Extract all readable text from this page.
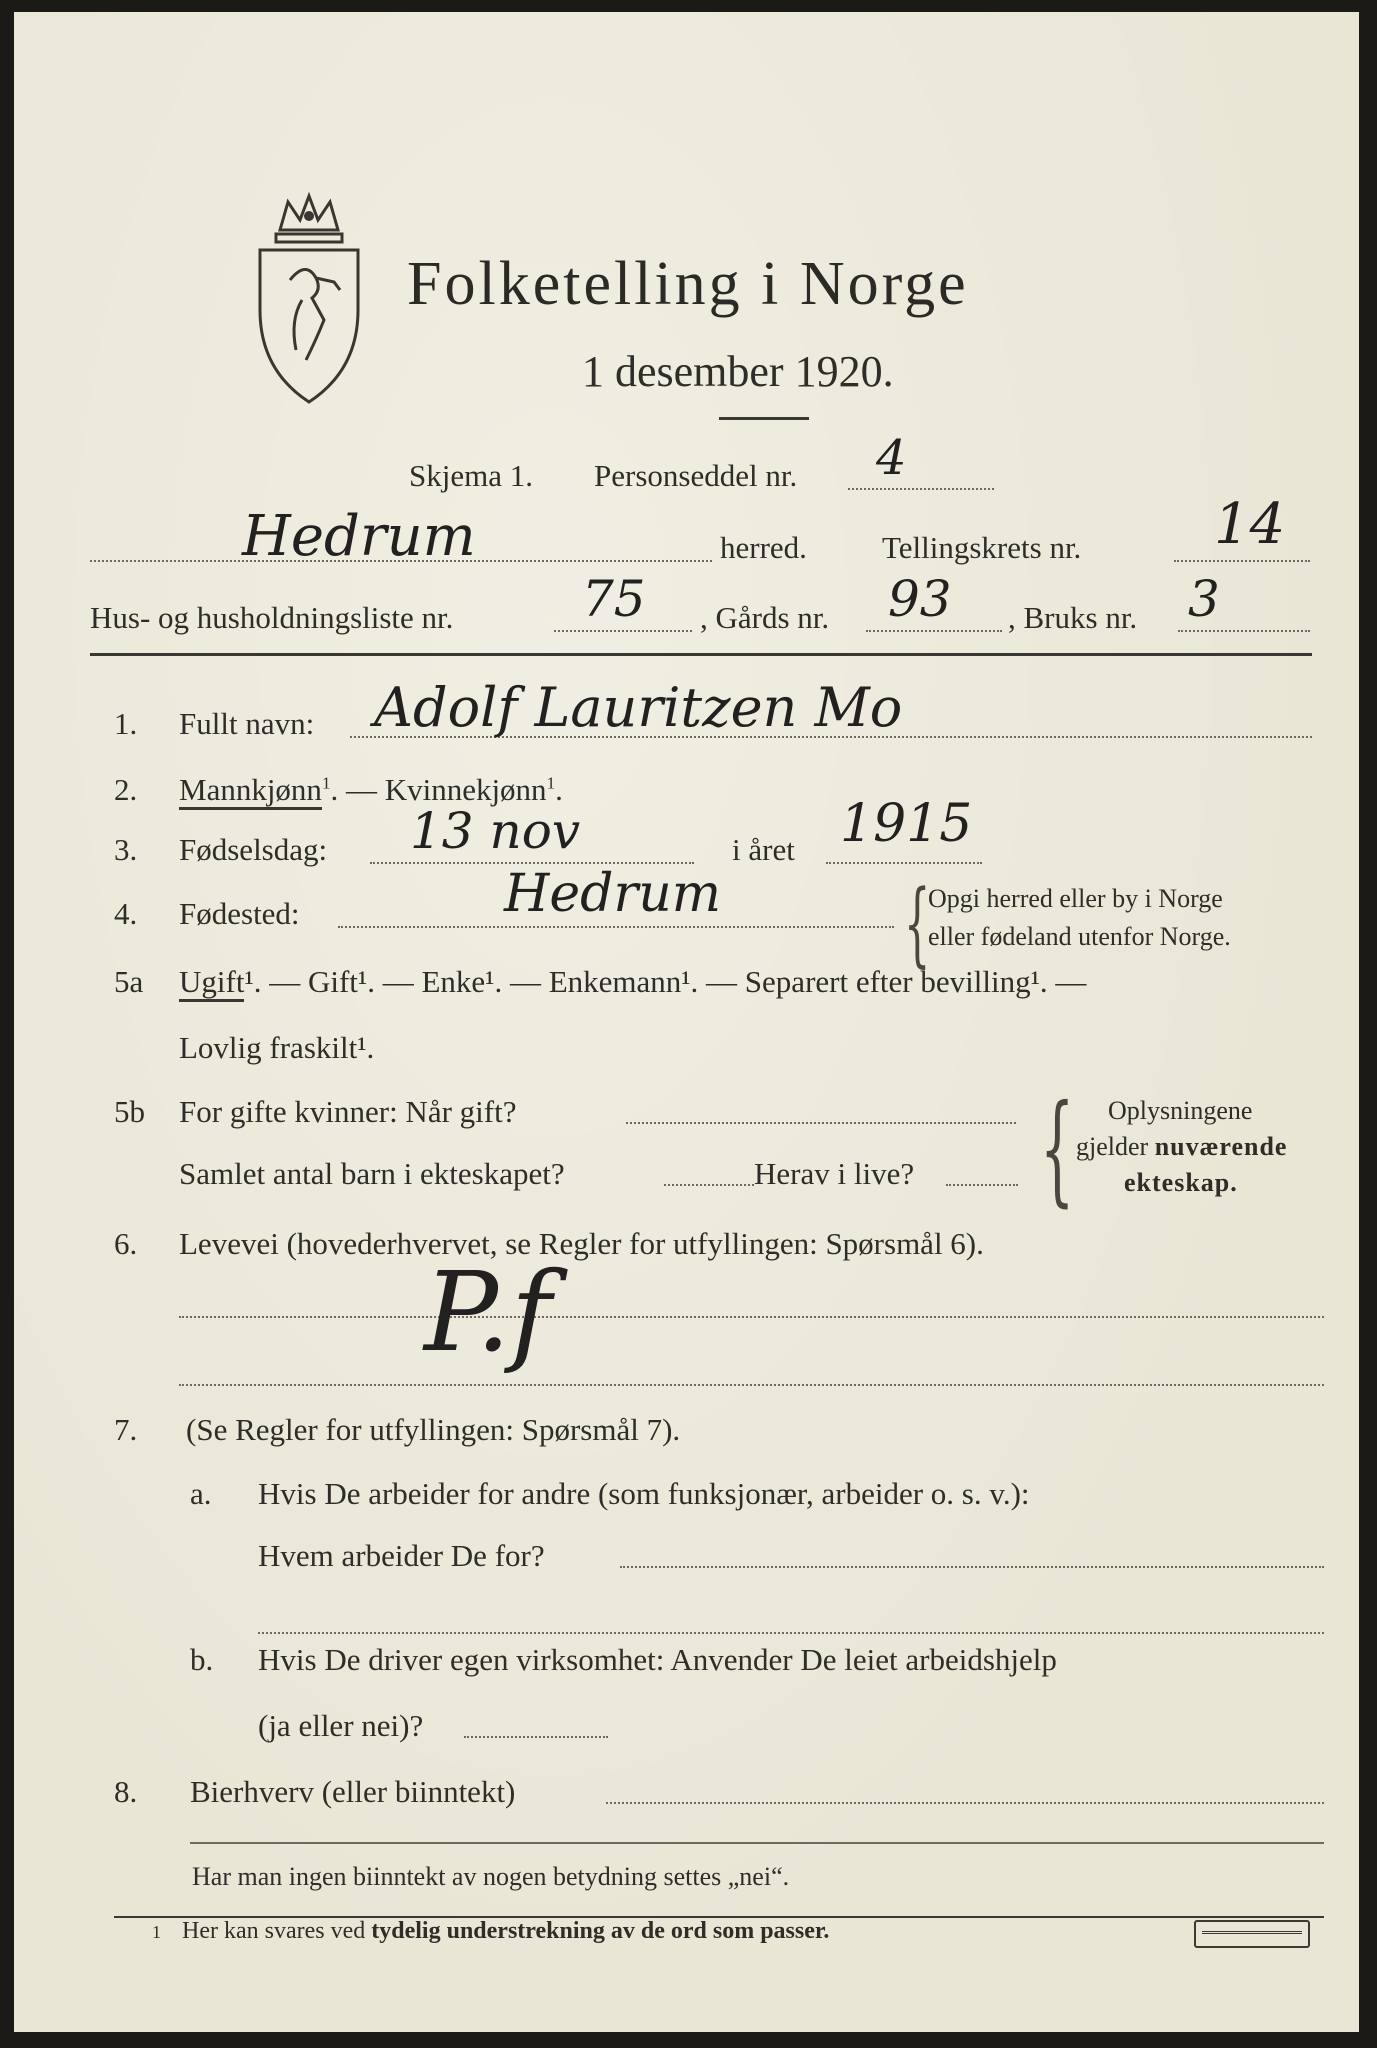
Folketelling i Norge
1 desember 1920.
Skjema 1. Personseddel nr. 4
Hedrum	herred. Tellingskrets nr. 14
Hus- og husholdningsliste nr.	75 , Gårds nr. 93 , Bruks nr. 3
1. Fullt navn: Adolf Lauritzen Mo
2. Mannkjønn$^1$. — Kvinnekjønn$^1$.
3. Fødselsdag: 13 nov	i året 1915
4. Fødested:	Hedrum {
Opgi herred eller by i Norge
eller fødeland utenfor Norge.
5a Ugift¹. — Gift¹. — Enke¹. — Enkemann¹. — Separert efter bevilling¹. —
Lovlig fraskilt¹.
5b For gifte kvinner: Når gift?
Samlet antal barn i ekteskapet?	Herav i live? { Oplysningene
gjelder nuværende
ekteskap.
6. Levevei (hovederhvervet, se Regler for utfyllingen: Spørsmål 6).
P.f
7. (Se Regler for utfyllingen: Spørsmål 7).
a. Hvis De arbeider for andre (som funksjonær, arbeider o. s. v.):
Hvem arbeider De for?
b. Hvis De driver egen virksomhet: Anvender De leiet arbeidshjelp
(ja eller nei)?
8. Bierhverv (eller biinntekt)
Har man ingen biinntekt av nogen betydning settes „nei“.
1 Her kan svares ved tydelig understrekning av de ord som passer.
